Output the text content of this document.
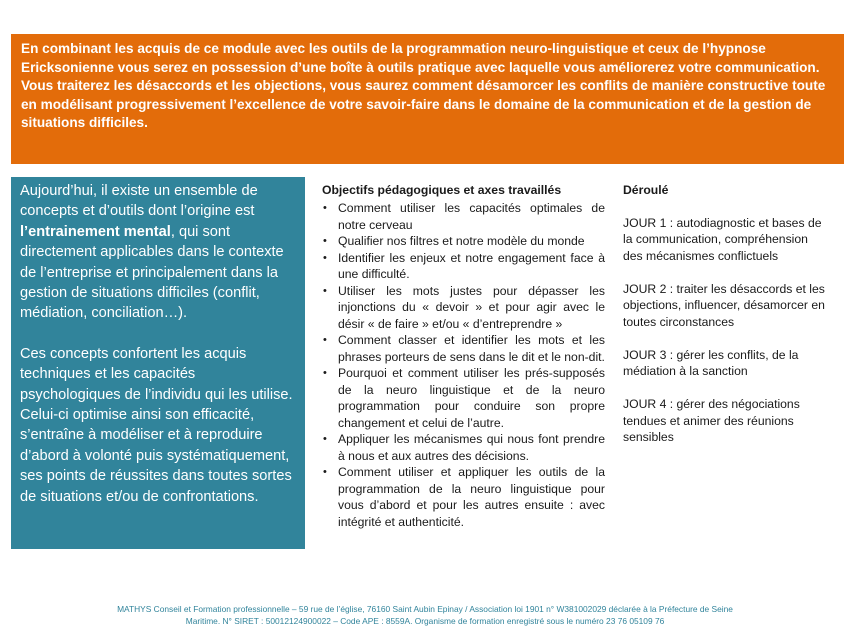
En combinant les acquis de ce module avec les outils de la programmation neuro-linguistique et ceux de l’hypnose Ericksonienne vous serez en possession d’une boîte à outils pratique avec laquelle vous améliorerez votre communication.

Vous traiterez les désaccords et les objections, vous saurez comment désamorcer les conflits de manière constructive toute en modélisant progressivement l’excellence de votre savoir-faire dans le domaine de la communication et de la gestion de situations difficiles.

Aujourd’hui, il existe un ensemble de concepts et d’outils dont l’origine est l’entrainement mental, qui sont directement applicables dans le contexte de l’entreprise et principalement dans la gestion de situations difficiles (conflit, médiation, conciliation…).

Ces concepts confortent les acquis techniques et les capacités psychologiques de l’individu qui les utilise. Celui-ci optimise ainsi son efficacité, s’entraîne à modéliser et à reproduire d’abord à volonté puis systématiquement, ses points de réussites dans toutes sortes de situations et/ou de confrontations.

Objectifs pédagogiques et axes travaillés
• Comment utiliser les capacités optimales de notre cerveau
• Qualifier nos filtres et notre modèle du monde
• Identifier les enjeux et notre engagement face à une difficulté.
• Utiliser les mots justes pour dépasser les injonctions du « devoir » et pour agir avec le désir « de faire » et/ou « d’entreprendre »
• Comment classer et identifier les mots et les phrases porteurs de sens dans le dit et le non-dit.
• Pourquoi et comment utiliser les prés-supposés de la neuro linguistique et de la neuro programmation pour conduire son propre changement et celui de l’autre.
• Appliquer les mécanismes qui nous font prendre à nous et aux autres des décisions.
• Comment utiliser et appliquer les outils de la programmation de la neuro linguistique pour vous d’abord et pour les autres ensuite : avec intégrité et authenticité.
Déroulé
JOUR 1 : autodiagnostic et bases de la communication, compréhension des mécanismes conflictuels
JOUR 2 : traiter les désaccords et les objections, influencer, désamorcer en toutes circonstances
JOUR 3 : gérer les conflits, de la médiation à la sanction
JOUR 4 : gérer des négociations tendues et animer des réunions sensibles
MATHYS Conseil et Formation professionnelle – 59 rue de l’église, 76160 Saint Aubin Epinay / Association loi 1901 n° W381002029 déclarée à la Préfecture de Seine
Maritime. N° SIRET : 50012124900022 – Code APE : 8559A. Organisme de formation enregistré sous le numéro 23 76 05109 76
